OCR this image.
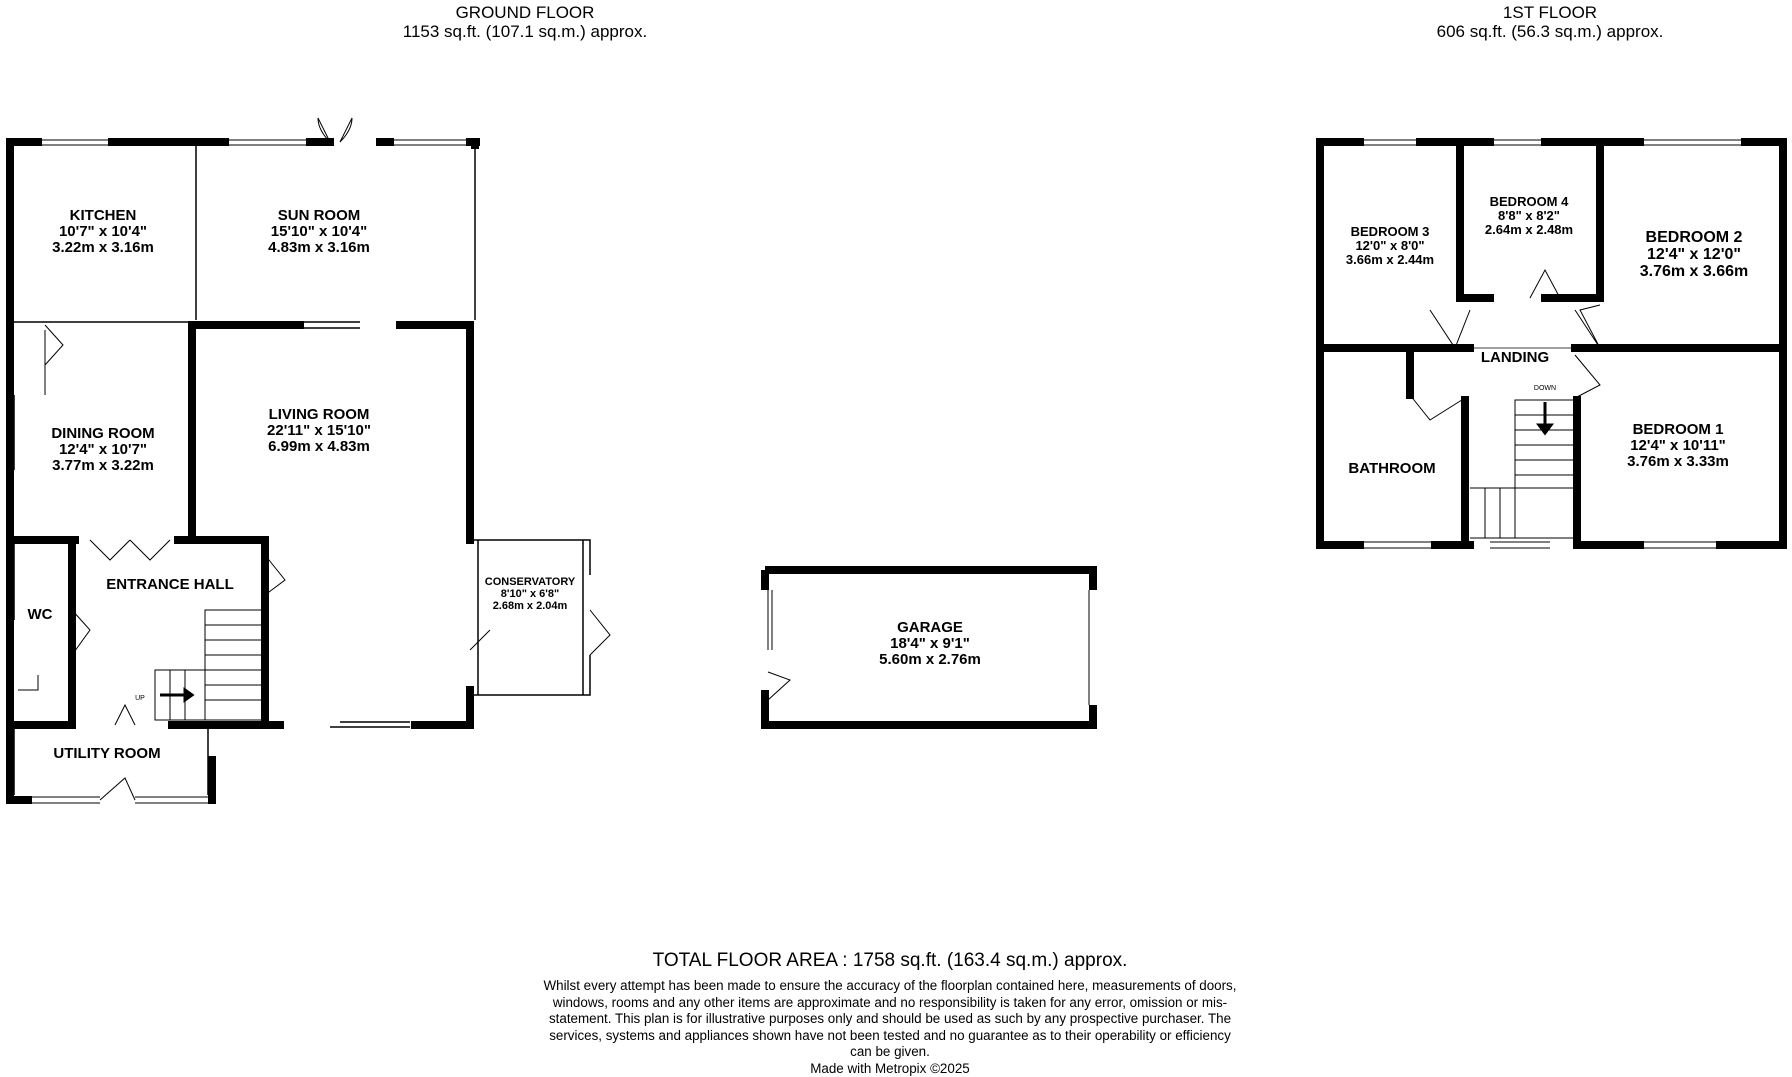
GROUND FLOOR
1153 sq.ft. (107.1 sq.m.) approx.
1ST FLOOR
606 sq.ft. (56.3 sq.m.) approx.
KITCHEN
10'7" x 10'4"
3.22m x 3.16m
SUN ROOM
15'10" x 10'4"
4.83m x 3.16m
DINING ROOM
12'4" x 10'7"
3.77m x 3.22m
LIVING ROOM
22'11" x 15'10"
6.99m x 4.83m
ENTRANCE HALL
WC
CONSERVATORY
8'10" x 6'8"
2.68m x 2.04m
UTILITY ROOM
GARAGE
18'4" x 9'1"
5.60m x 2.76m
BEDROOM 3
12'0" x 8'0"
3.66m x 2.44m
BEDROOM 4
8'8" x 8'2"
2.64m x 2.48m	BEDROOM 2
12'4" x 12'0"
3.76m x 3.66m
LANDING
BATHROOM
BEDROOM 1
12'4" x 10'11"
3.76m x 3.33m
UP
DOWN
TOTAL FLOOR AREA : 1758 sq.ft. (163.4 sq.m.) approx.
Whilst every attempt has been made to ensure the accuracy of the floorplan contained here, measurements of doors, windows, rooms and any other items are approximate and no responsibility is taken for any error, omission or mis-statement. This plan is for illustrative purposes only and should be used as such by any prospective purchaser. The services, systems and appliances shown have not been tested and no guarantee as to their operability or efficiency can be given.
Made with Metropix ©2025
